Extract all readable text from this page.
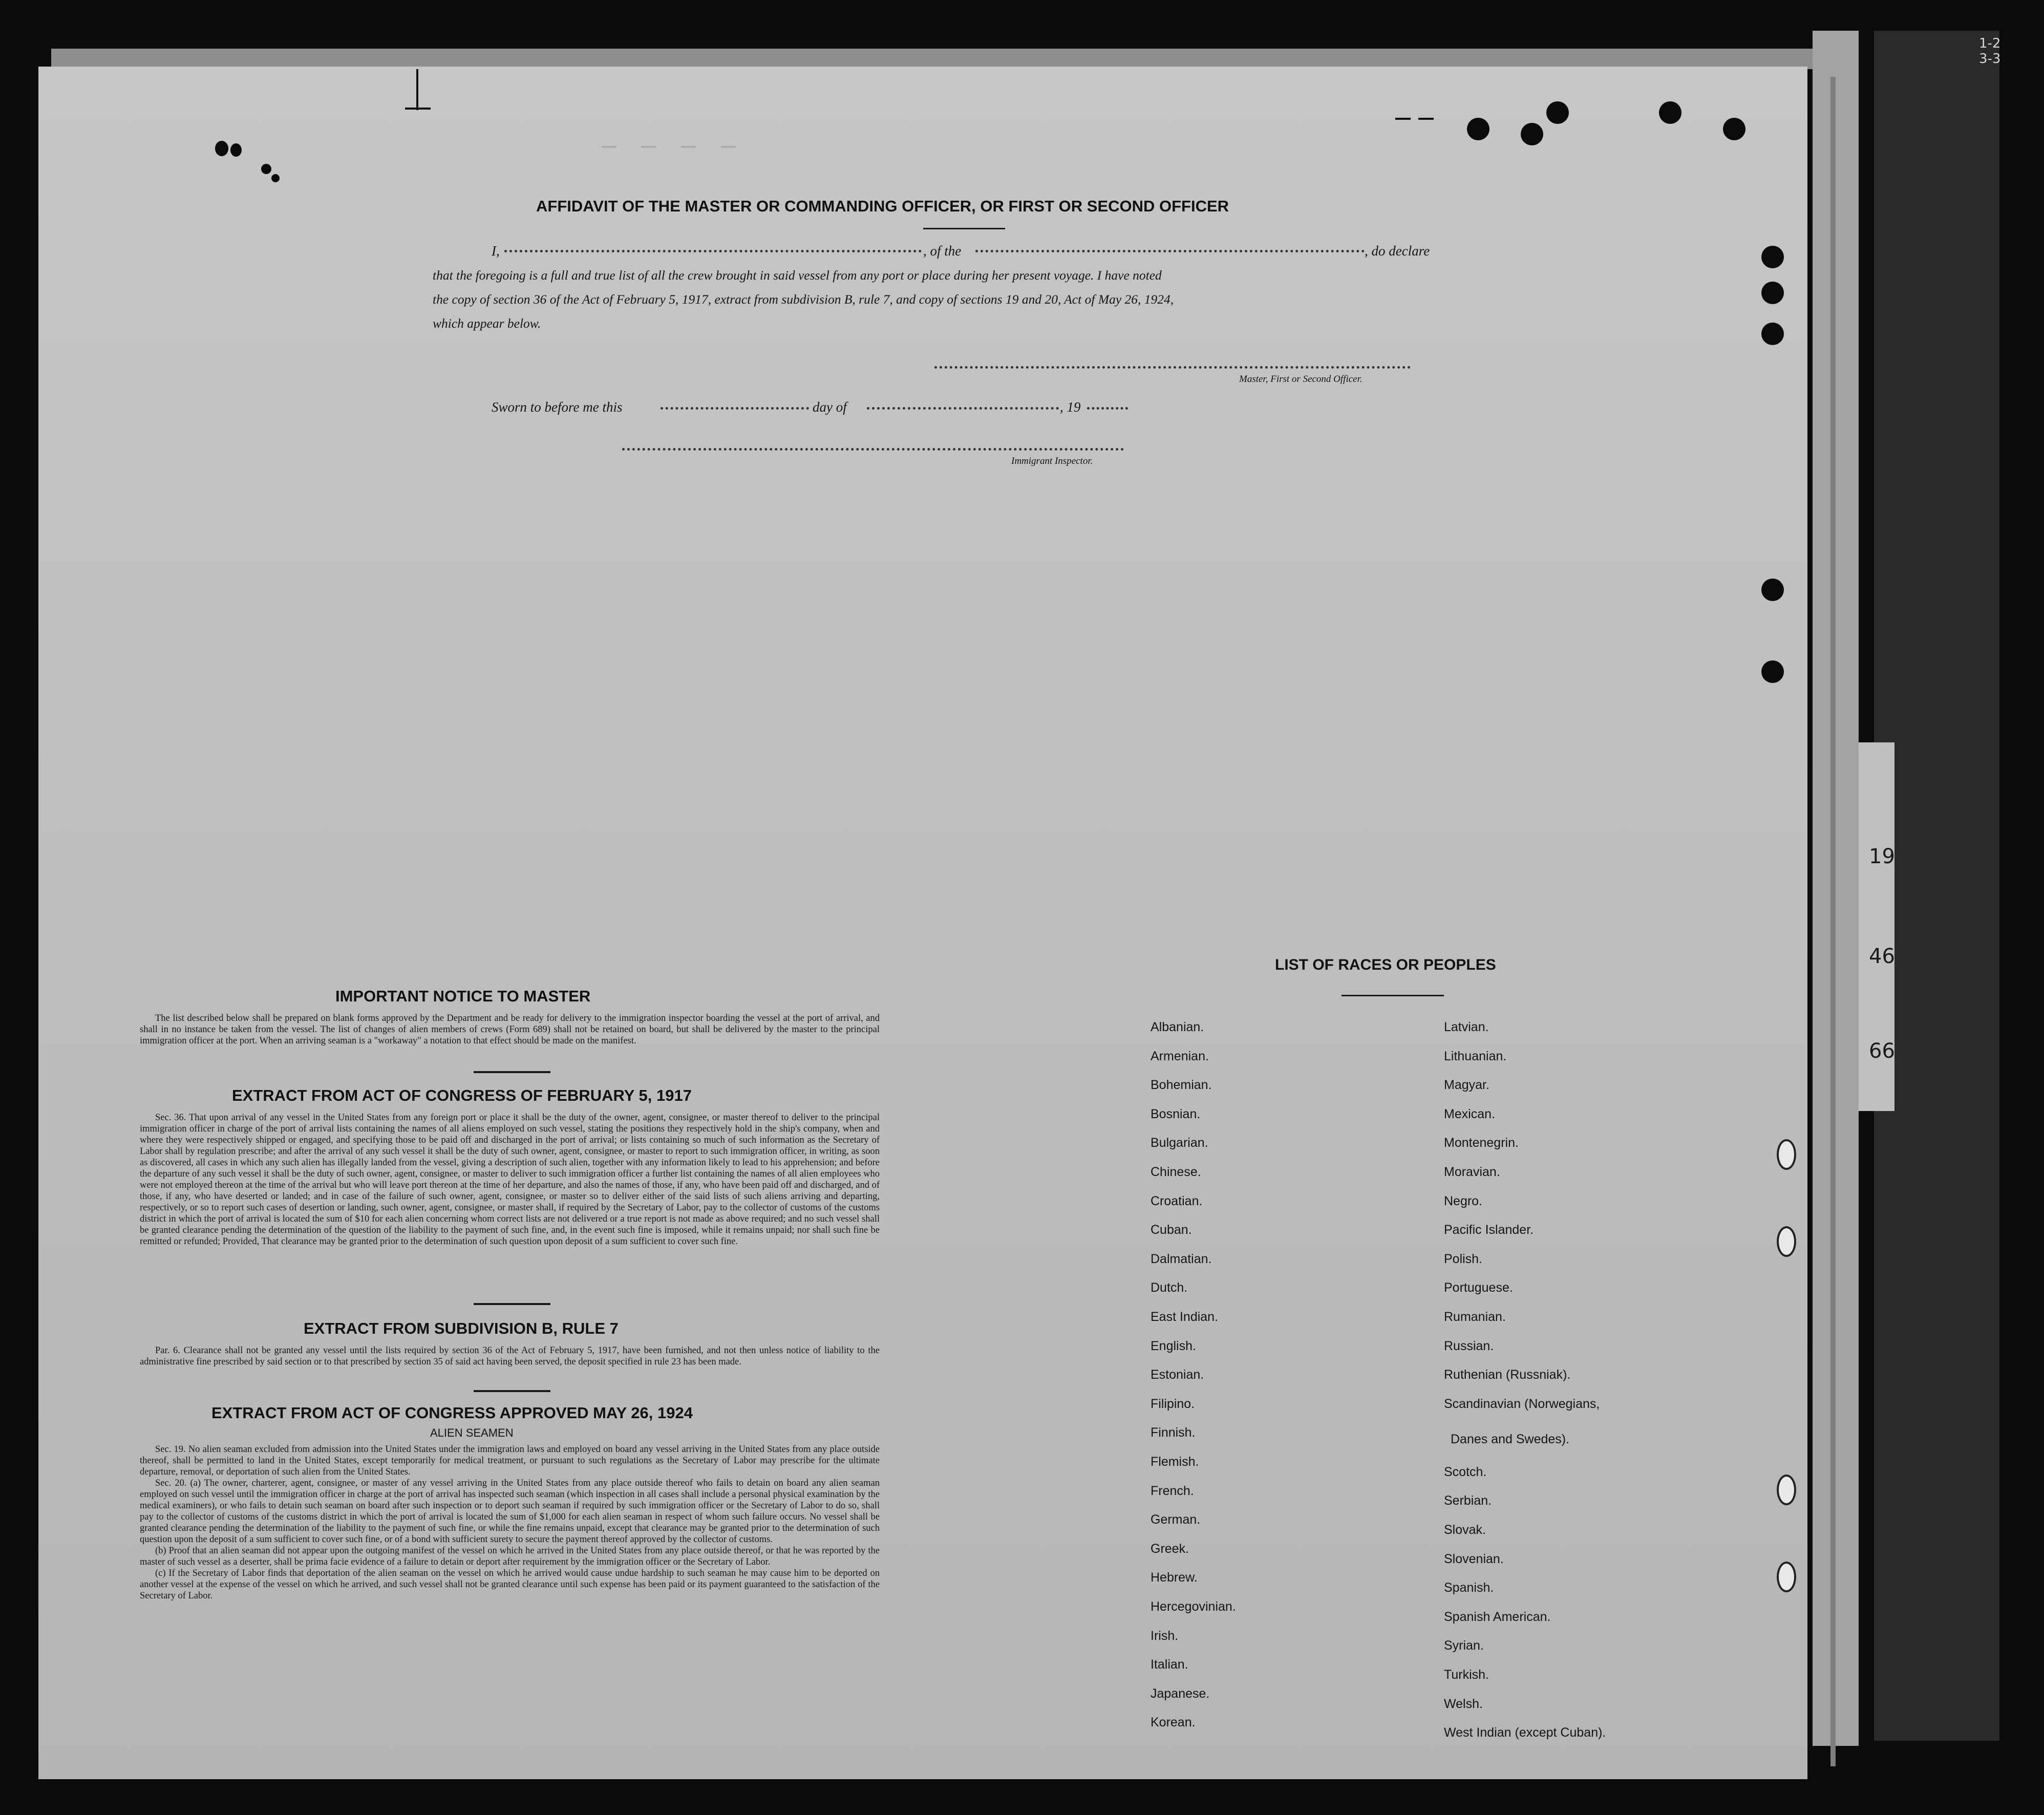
1-2
3-3
19
46
66
— — — —
AFFIDAVIT OF THE MASTER OR COMMANDING OFFICER, OR FIRST OR SECOND OFFICER
I,	, of the	, do declare
that the foregoing is a full and true list of all the crew brought in said vessel from any port or place during her present voyage. I have noted
the copy of section 36 of the Act of February 5, 1917, extract from subdivision B, rule 7, and copy of sections 19 and 20, Act of May 26, 1924,
which appear below.
Master, First or Second Officer.
Sworn to before me this	day of	, 19
Immigrant Inspector.
IMPORTANT NOTICE TO MASTER

The list described below shall be prepared on blank forms approved by the Department and be ready for delivery to the immigration inspector boarding the vessel at the port of arrival, and shall in no instance be taken from the vessel. The list of changes of alien members of crews (Form 689) shall not be retained on board, but shall be delivered by the master to the principal immigration officer at the port. When an arriving seaman is a "workaway" a notation to that effect should be made on the manifest.

EXTRACT FROM ACT OF CONGRESS OF FEBRUARY 5, 1917

Sec. 36. That upon arrival of any vessel in the United States from any foreign port or place it shall be the duty of the owner, agent, consignee, or master thereof to deliver to the principal immigration officer in charge of the port of arrival lists containing the names of all aliens employed on such vessel, stating the positions they respectively hold in the ship's company, when and where they were respectively shipped or engaged, and specifying those to be paid off and discharged in the port of arrival; or lists containing so much of such information as the Secretary of Labor shall by regulation prescribe; and after the arrival of any such vessel it shall be the duty of such owner, agent, consignee, or master to report to such immigration officer, in writing, as soon as discovered, all cases in which any such alien has illegally landed from the vessel, giving a description of such alien, together with any information likely to lead to his apprehension; and before the departure of any such vessel it shall be the duty of such owner, agent, consignee, or master to deliver to such immigration officer a further list containing the names of all alien employees who were not employed thereon at the time of the arrival but who will leave port thereon at the time of her departure, and also the names of those, if any, who have been paid off and discharged, and of those, if any, who have deserted or landed; and in case of the failure of such owner, agent, consignee, or master so to deliver either of the said lists of such aliens arriving and departing, respectively, or so to report such cases of desertion or landing, such owner, agent, consignee, or master shall, if required by the Secretary of Labor, pay to the collector of customs of the customs district in which the port of arrival is located the sum of $10 for each alien concerning whom correct lists are not delivered or a true report is not made as above required; and no such vessel shall be granted clearance pending the determination of the question of the liability to the payment of such fine, and, in the event such fine is imposed, while it remains unpaid; nor shall such fine be remitted or refunded; Provided, That clearance may be granted prior to the determination of such question upon deposit of a sum sufficient to cover such fine.

EXTRACT FROM SUBDIVISION B, RULE 7

Par. 6. Clearance shall not be granted any vessel until the lists required by section 36 of the Act of February 5, 1917, have been furnished, and not then unless notice of liability to the administrative fine prescribed by said section or to that prescribed by section 35 of said act having been served, the deposit specified in rule 23 has been made.

EXTRACT FROM ACT OF CONGRESS APPROVED MAY 26, 1924
ALIEN SEAMEN

Sec. 19. No alien seaman excluded from admission into the United States under the immigration laws and employed on board any vessel arriving in the United States from any place outside thereof, shall be permitted to land in the United States, except temporarily for medical treatment, or pursuant to such regulations as the Secretary of Labor may prescribe for the ultimate departure, removal, or deportation of such alien from the United States.

Sec. 20. (a) The owner, charterer, agent, consignee, or master of any vessel arriving in the United States from any place outside thereof who fails to detain on board any alien seaman employed on such vessel until the immigration officer in charge at the port of arrival has inspected such seaman (which inspection in all cases shall include a personal physical examination by the medical examiners), or who fails to detain such seaman on board after such inspection or to deport such seaman if required by such immigration officer or the Secretary of Labor to do so, shall pay to the collector of customs of the customs district in which the port of arrival is located the sum of $1,000 for each alien seaman in respect of whom such failure occurs. No vessel shall be granted clearance pending the determination of the liability to the payment of such fine, or while the fine remains unpaid, except that clearance may be granted prior to the determination of such question upon the deposit of a sum sufficient to cover such fine, or of a bond with sufficient surety to secure the payment thereof approved by the collector of customs.

(b) Proof that an alien seaman did not appear upon the outgoing manifest of the vessel on which he arrived in the United States from any place outside thereof, or that he was reported by the master of such vessel as a deserter, shall be prima facie evidence of a failure to detain or deport after requirement by the immigration officer or the Secretary of Labor.

(c) If the Secretary of Labor finds that deportation of the alien seaman on the vessel on which he arrived would cause undue hardship to such seaman he may cause him to be deported on another vessel at the expense of the vessel on which he arrived, and such vessel shall not be granted clearance until such expense has been paid or its payment guaranteed to the satisfaction of the Secretary of Labor.

LIST OF RACES OR PEOPLES
Albanian.
Armenian.
Bohemian.
Bosnian.
Bulgarian.
Chinese.
Croatian.
Cuban.
Dalmatian.
Dutch.
East Indian.
English.
Estonian.
Filipino.
Finnish.
Flemish.
French.
German.
Greek.
Hebrew.
Hercegovinian.
Irish.
Italian.
Japanese.
Korean.
Latvian.
Lithuanian.
Magyar.
Mexican.
Montenegrin.
Moravian.
Negro.
Pacific Islander.
Polish.
Portuguese.
Rumanian.
Russian.
Ruthenian (Russniak).
Scandinavian (Norwegians,
Scotch.
Serbian.
Slovak.
Slovenian.
Spanish.
Spanish American.
Syrian.
Turkish.
Welsh.
West Indian (except Cuban).
Danes and Swedes).
